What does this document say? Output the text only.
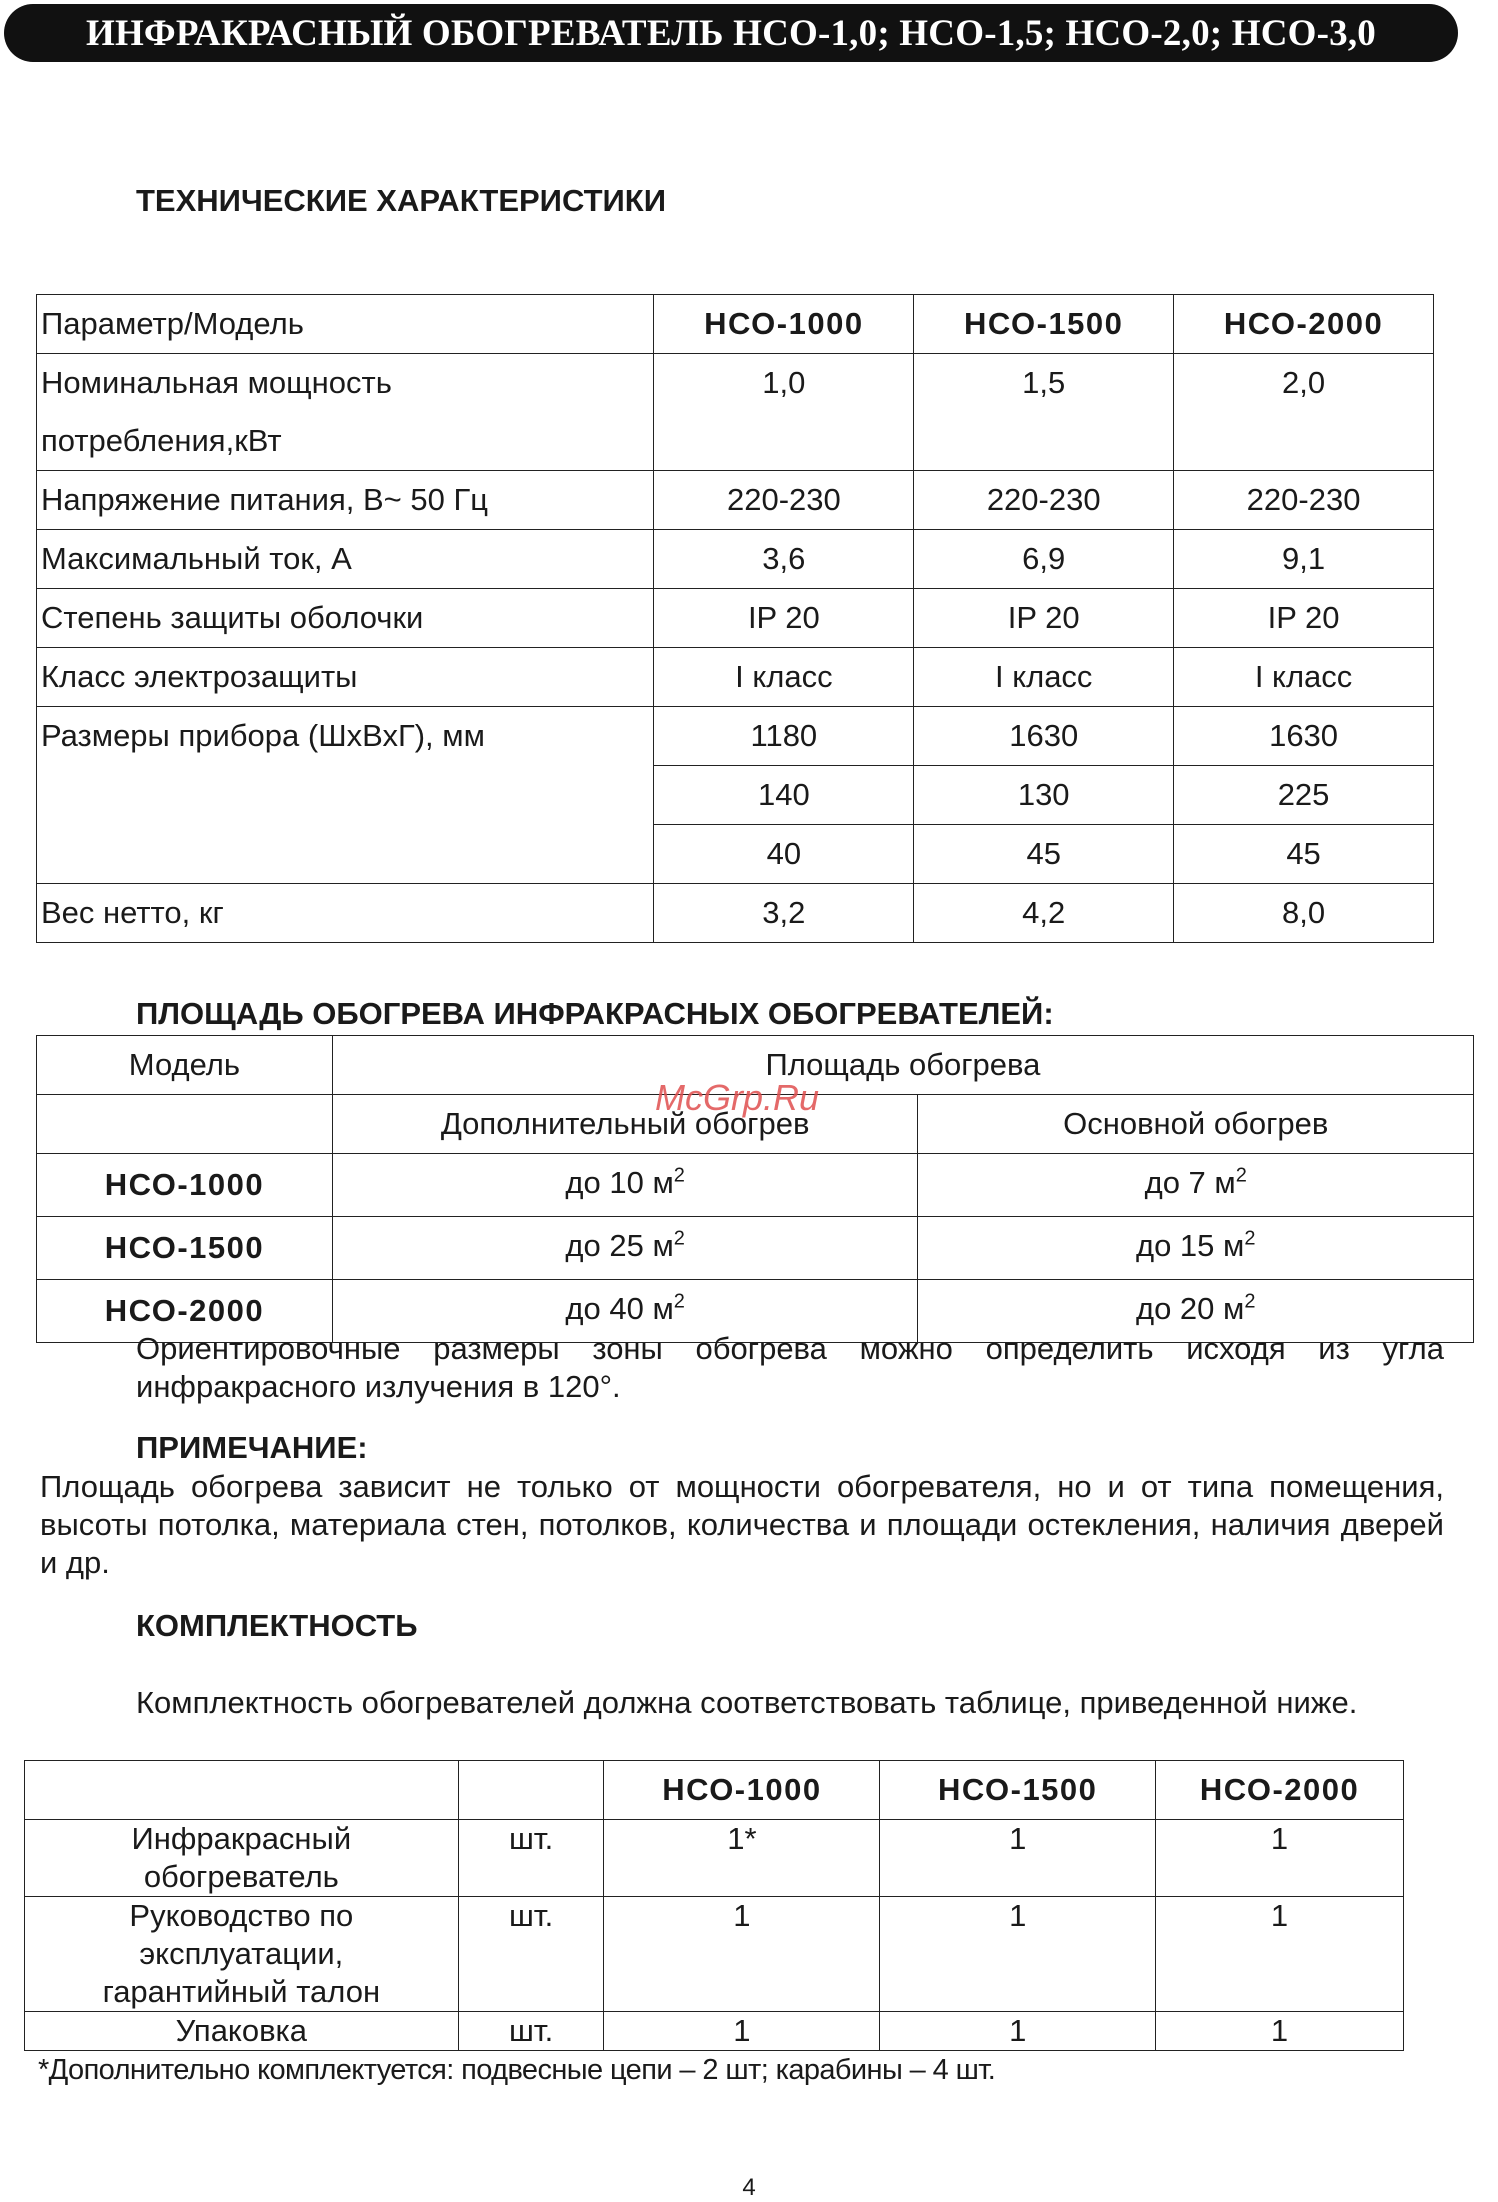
ИНФРАКРАСНЫЙ ОБОГРЕВАТЕЛЬ НСО-1,0; НСО-1,5; НСО-2,0; НСО-3,0
ТЕХНИЧЕСКИЕ ХАРАКТЕРИСТИКИ
Параметр/Модель	НСО-1000	НСО-1500	НСО-2000

Номинальная мощность
потребления,кВт	1,0	1,5	2,0
Напряжение питания, В~ 50 Гц	220-230	220-230	220-230
Максимальный ток, А	3,6	6,9	9,1
Степень защиты оболочки	IP 20	IP 20	IP 20
Класс электрозащиты	I класс	I класс	I класс
Размеры прибора (ШхВхГ), мм	1180	1630	1630
	140	130	225
	40	45	45
Вес нетто, кг	3,2	4,2	8,0
ПЛОЩАДЬ ОБОГРЕВА ИНФРАКРАСНЫХ ОБОГРЕВАТЕЛЕЙ:
Модель	Площадь обогрева	
	Дополнительный обогрев	Основной обогрев
НСО-1000	до 10 $м^2$	до 7 $м^2$
НСО-1500	до 25 $м^2$	до 15 $м^2$
НСО-2000	до 40 $м^2$	до 20 $м^2$
McGrp.Ru
Ориентировочные размеры зоны обогрева можно определить исходя из угла инфракрасного излучения в 120°.
ПРИМЕЧАНИЕ:
Площадь обогрева зависит не только от мощности обогревателя, но и от типа помещения, высоты потолка, материала стен, потолков, количества и площади остекления, наличия дверей и др.
КОМПЛЕКТНОСТЬ
Комплектность обогревателей должна соответствовать таблице, приведенной ниже.
		НСО-1000	НСО-1500	НСО-2000

Инфракрасный
обогреватель	шт.	1*	1	1

Руководство по
эксплуатации,
гарантийный талон	шт.	1	1	1
Упаковка	шт.	1	1	1
*Дополнительно комплектуется: подвесные цепи – 2 шт; карабины – 4 шт.
4
